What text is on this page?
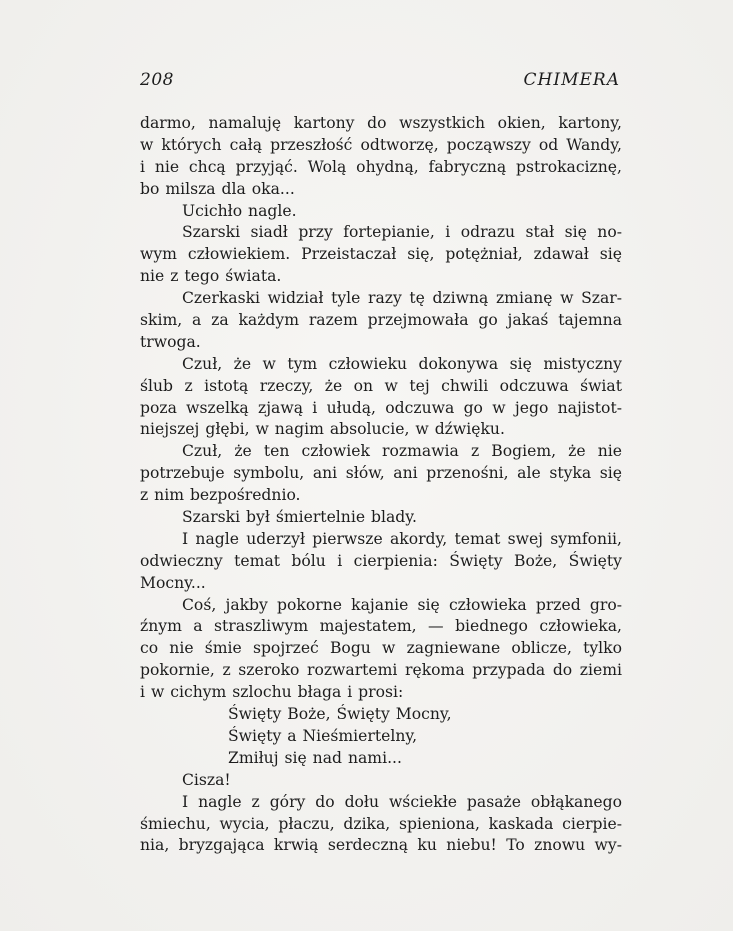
208	CHIMERA
darmo, namaluję kartony do wszystkich okien, kartony,
w których całą przeszłość odtworzę, począwszy od Wandy,
i nie chcą przyjąć. Wolą ohydną, fabryczną pstrokaciznę,
bo milsza dla oka...
Ucichło nagle.
Szarski siadł przy fortepianie, i odrazu stał się no-
wym człowiekiem. Przeistaczał się, potężniał, zdawał się
nie z tego świata.
Czerkaski widział tyle razy tę dziwną zmianę w Szar-
skim, a za każdym razem przejmowała go jakaś tajemna
trwoga.
Czuł, że w tym człowieku dokonywa się mistyczny
ślub z istotą rzeczy, że on w tej chwili odczuwa świat
poza wszelką zjawą i ułudą, odczuwa go w jego najistot-
niejszej głębi, w nagim absolucie, w dźwięku.
Czuł, że ten człowiek rozmawia z Bogiem, że nie
potrzebuje symbolu, ani słów, ani przenośni, ale styka się
z nim bezpośrednio.
Szarski był śmiertelnie blady.
I nagle uderzył pierwsze akordy, temat swej symfonii,
odwieczny temat bólu i cierpienia: Święty Boże, Święty
Mocny...
Coś, jakby pokorne kajanie się człowieka przed gro-
źnym a straszliwym majestatem, — biednego człowieka,
co nie śmie spojrzeć Bogu w zagniewane oblicze, tylko
pokornie, z szeroko rozwartemi rękoma przypada do ziemi
i w cichym szlochu błaga i prosi:
Święty Boże, Święty Mocny,
Święty a Nieśmiertelny,
Zmiłuj się nad nami...
Cisza!
I nagle z góry do dołu wściekłe pasaże obłąkanego
śmiechu, wycia, płaczu, dzika, spieniona, kaskada cierpie-
nia, bryzgająca krwią serdeczną ku niebu! To znowu wy-
